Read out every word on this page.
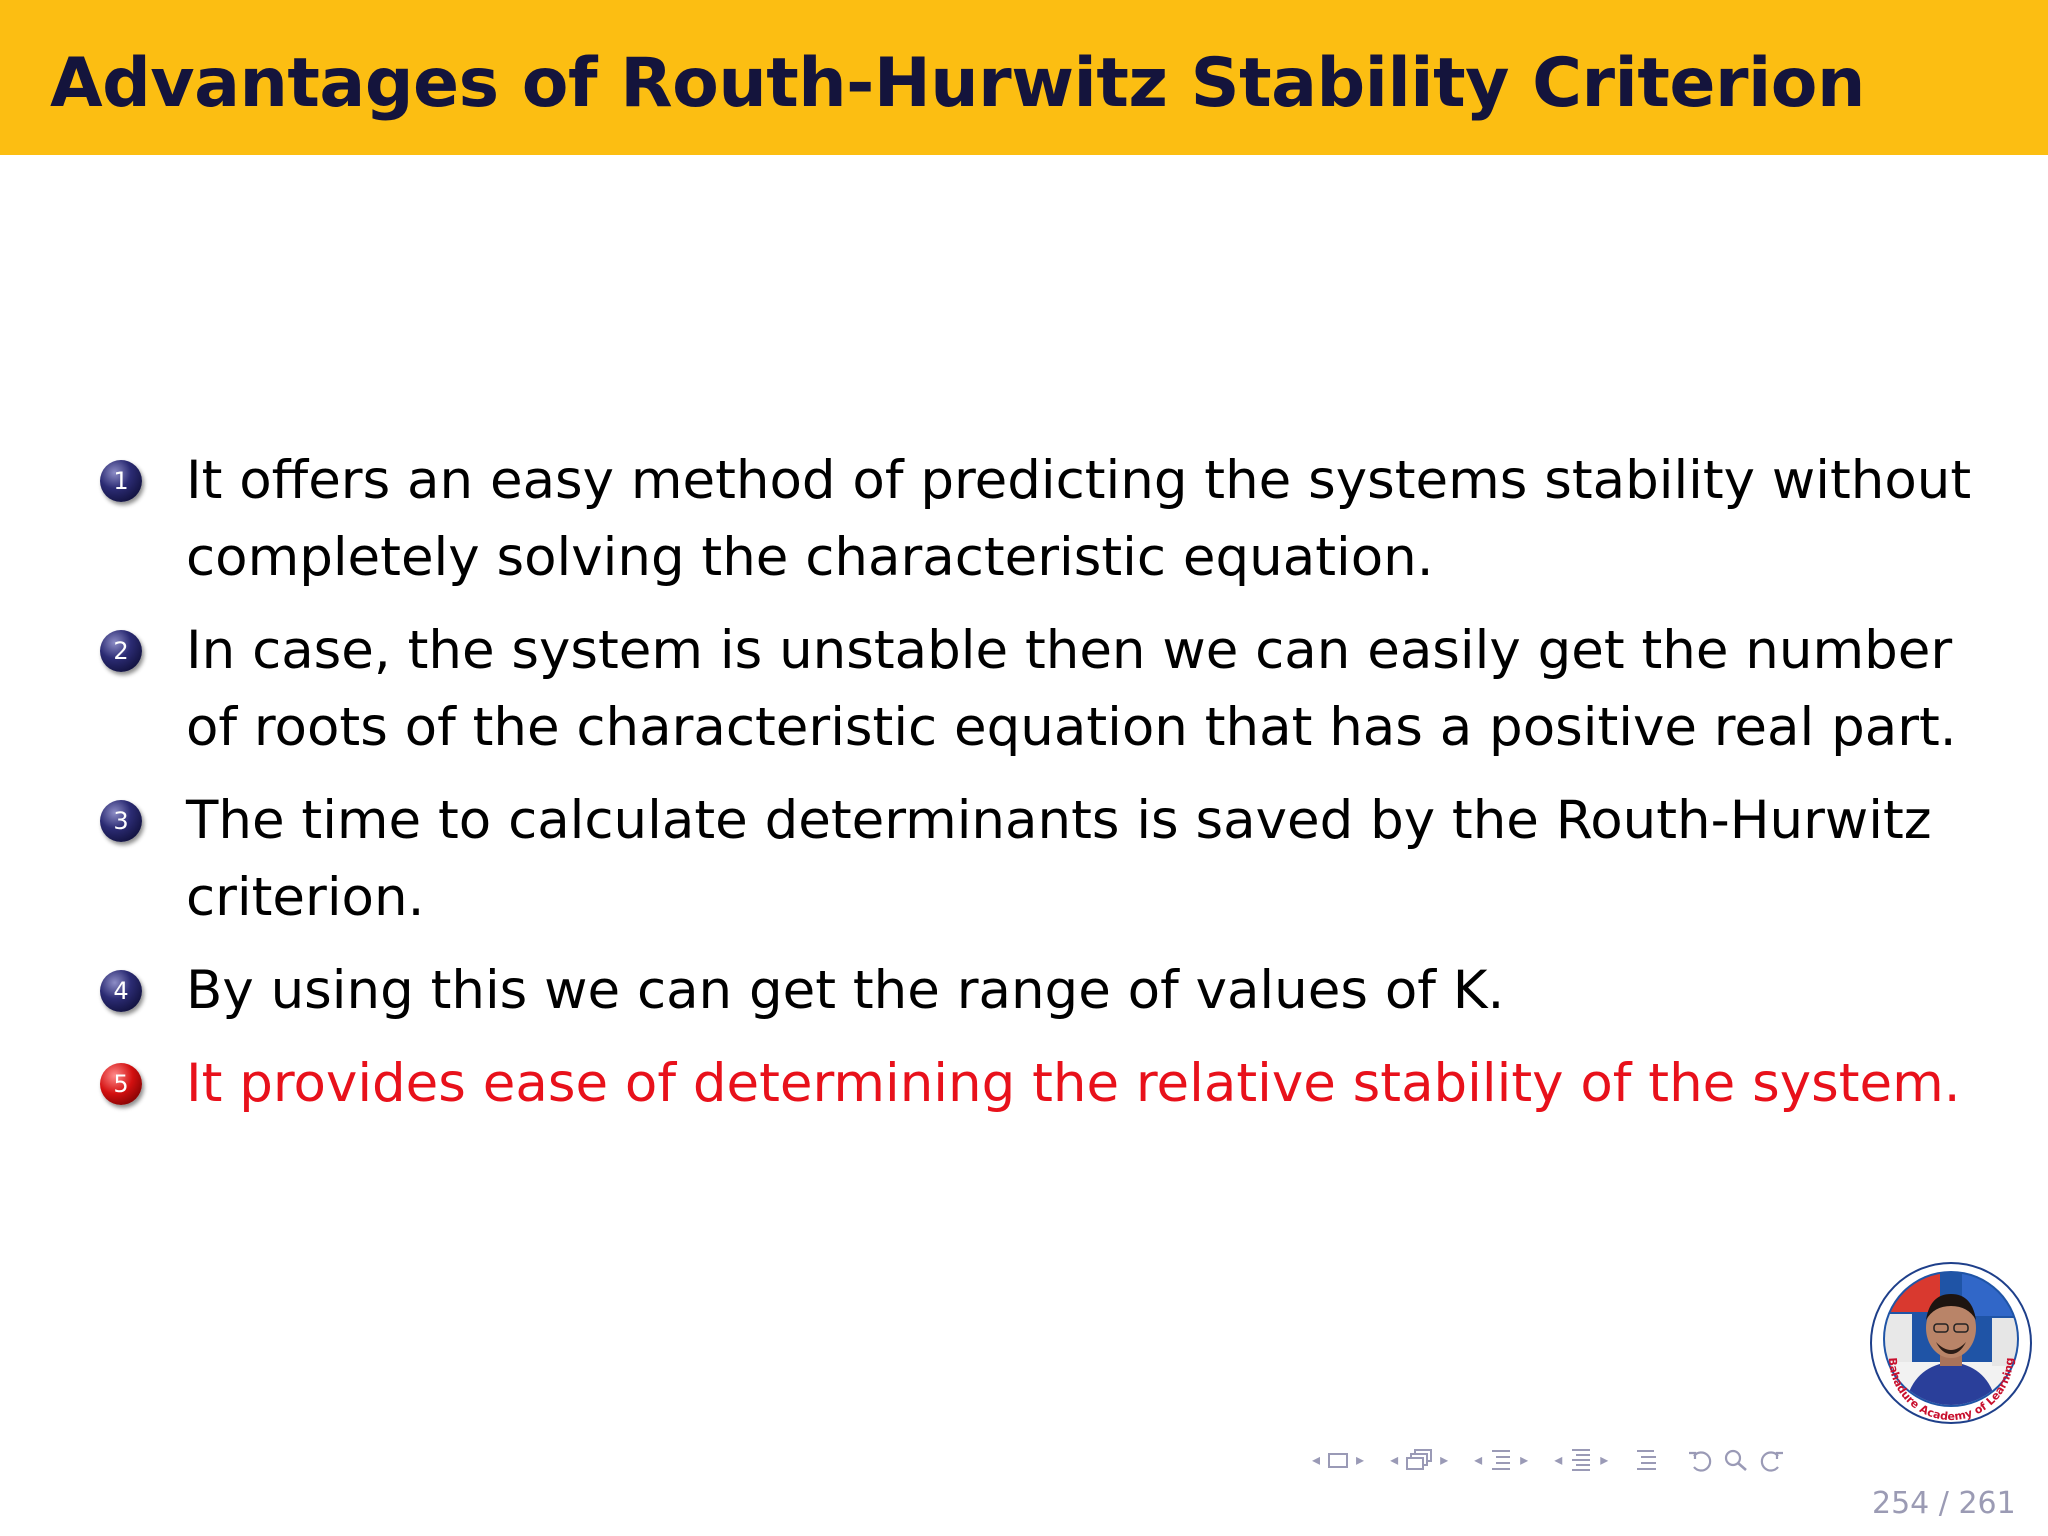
Advantages of Routh-Hurwitz Stability Criterion
1 It offers an easy method of predicting the systems stability without completely solving the characteristic equation.
2 In case, the system is unstable then we can easily get the number of roots of the characteristic equation that has a positive real part.
3 The time to calculate determinants is saved by the Routh-Hurwitz criterion.
4 By using this we can get the range of values of K.
5 It provides ease of determining the relative stability of the system.
Bahadure Academy of Learning
◂ ▸ ◂	▸ ◂ ▸ ◂ ▸
254 / 261
